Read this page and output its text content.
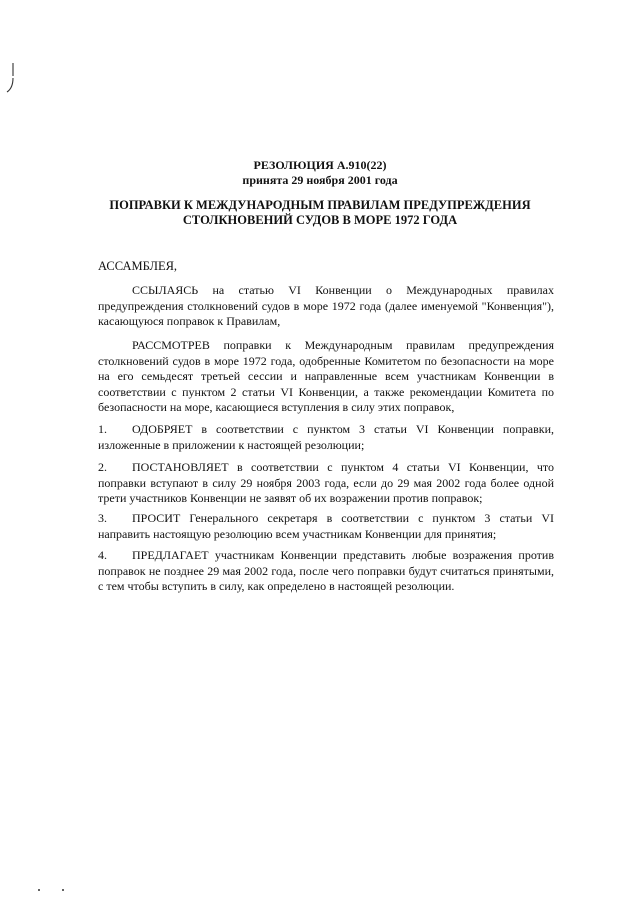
РЕЗОЛЮЦИЯ А.910(22)
принята 29 ноября 2001 года
ПОПРАВКИ К МЕЖДУНАРОДНЫМ ПРАВИЛАМ ПРЕДУПРЕЖДЕНИЯ
СТОЛКНОВЕНИЙ СУДОВ В МОРЕ 1972 ГОДА
АССАМБЛЕЯ,
ССЫЛАЯСЬ на статью VI Конвенции о Международных правилах предупреждения столкновений судов в море 1972 года (далее именуемой "Конвенция"), касающуюся поправок к Правилам,
РАССМОТРЕВ поправки к Международным правилам предупреждения столкновений судов в море 1972 года, одобренные Комитетом по безопасности на море на его семьдесят третьей сессии и направленные всем участникам Конвенции в соответствии с пунктом 2 статьи VI Конвенции, а также рекомендации Комитета по безопасности на море, касающиеся вступления в силу этих поправок,
1. ОДОБРЯЕТ в соответствии с пунктом 3 статьи VI Конвенции поправки, изложенные в приложении к настоящей резолюции;
2. ПОСТАНОВЛЯЕТ в соответствии с пунктом 4 статьи VI Конвенции, что поправки вступают в силу 29 ноября 2003 года, если до 29 мая 2002 года более одной трети участников Конвенции не заявят об их возражении против поправок;
3. ПРОСИТ Генерального секретаря в соответствии с пунктом 3 статьи VI направить настоящую резолюцию всем участникам Конвенции для принятия;
4. ПРЕДЛАГАЕТ участникам Конвенции представить любые возражения против поправок не позднее 29 мая 2002 года, после чего поправки будут считаться принятыми, с тем чтобы вступить в силу, как определено в настоящей резолюции.
